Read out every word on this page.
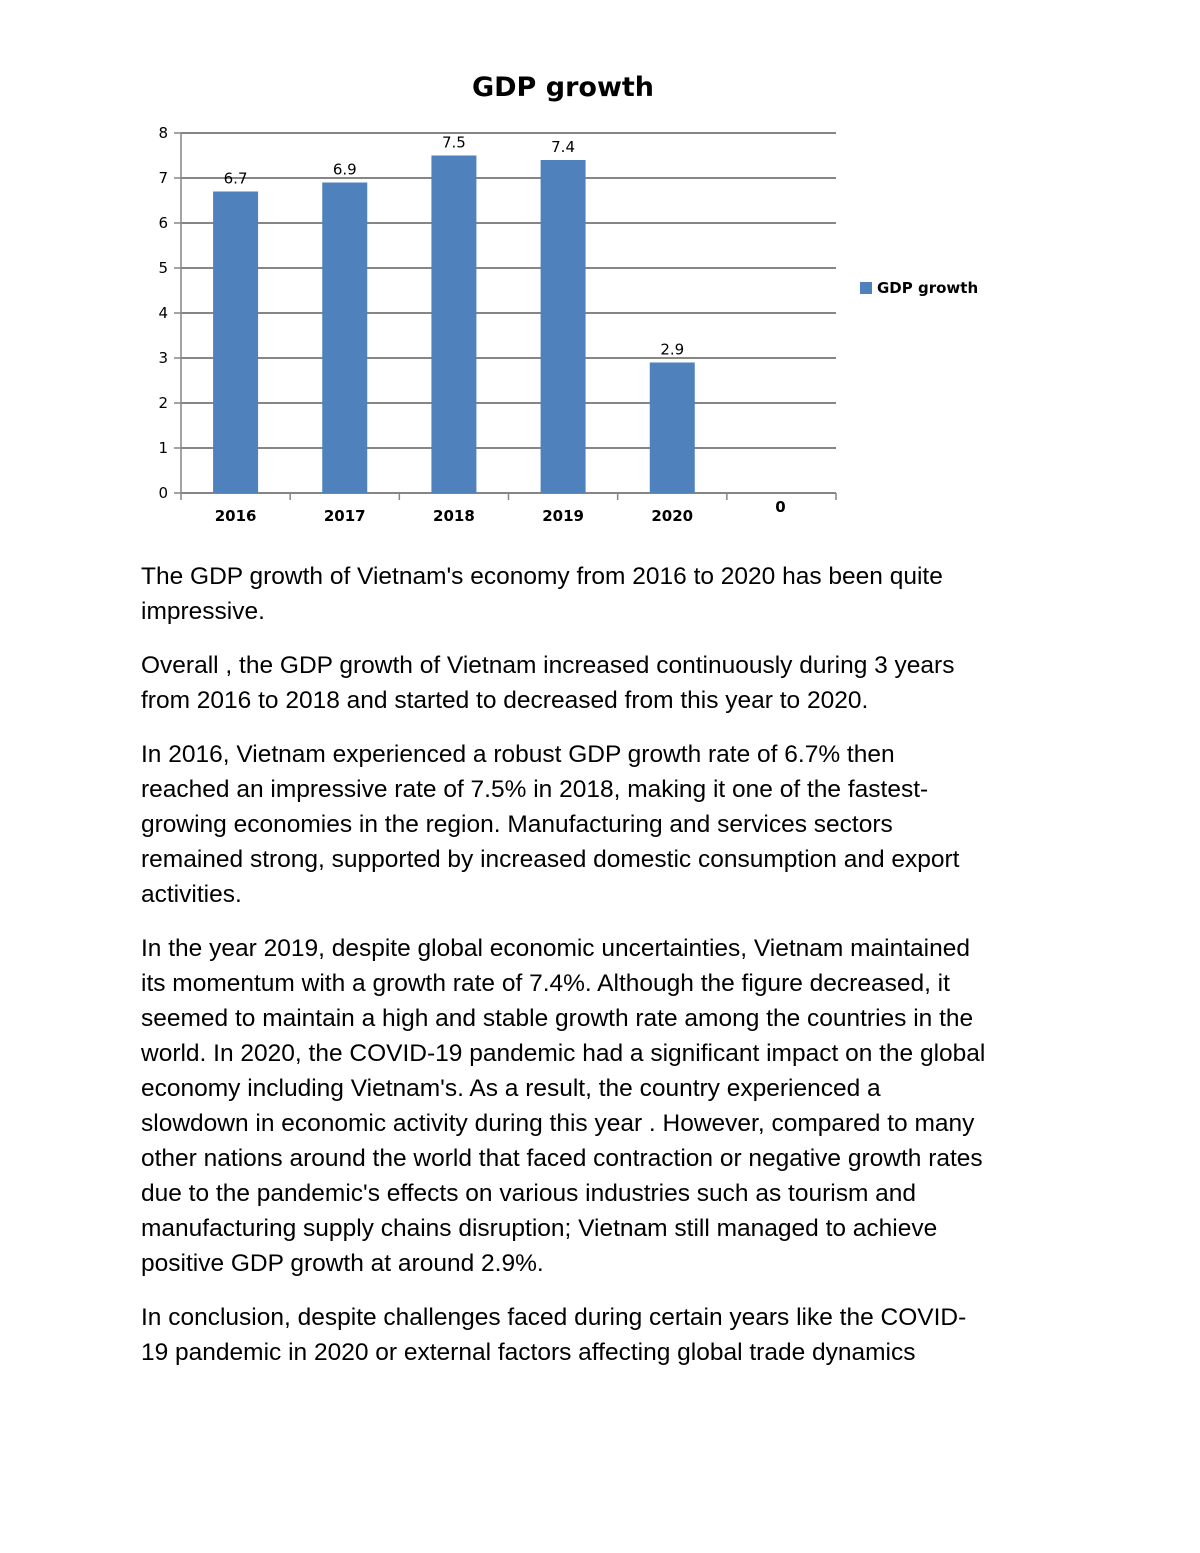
GDP growth
0
1
2
3
4
5
6
7
8
6.7
2016
6.9
2017
7.5
2018
7.4
2019
2.9
2020	0
GDP growth

The GDP growth of Vietnam's economy from 2016 to 2020 has been quite
impressive.

Overall , the GDP growth of Vietnam increased continuously during 3 years
from 2016 to 2018 and started to decreased from this year to 2020.

In 2016, Vietnam experienced a robust GDP growth rate of 6.7% then
reached an impressive rate of 7.5% in 2018, making it one of the fastest-
growing economies in the region. Manufacturing and services sectors
remained strong, supported by increased domestic consumption and export
activities.

In the year 2019, despite global economic uncertainties, Vietnam maintained
its momentum with a growth rate of 7.4%. Although the figure decreased, it
seemed to maintain a high and stable growth rate among the countries in the
world. In 2020, the COVID-19 pandemic had a significant impact on the global
economy including Vietnam's. As a result, the country experienced a
slowdown in economic activity during this year . However, compared to many
other nations around the world that faced contraction or negative growth rates
due to the pandemic's effects on various industries such as tourism and
manufacturing supply chains disruption; Vietnam still managed to achieve
positive GDP growth at around 2.9%.

In conclusion, despite challenges faced during certain years like the COVID-
19 pandemic in 2020 or external factors affecting global trade dynamics
